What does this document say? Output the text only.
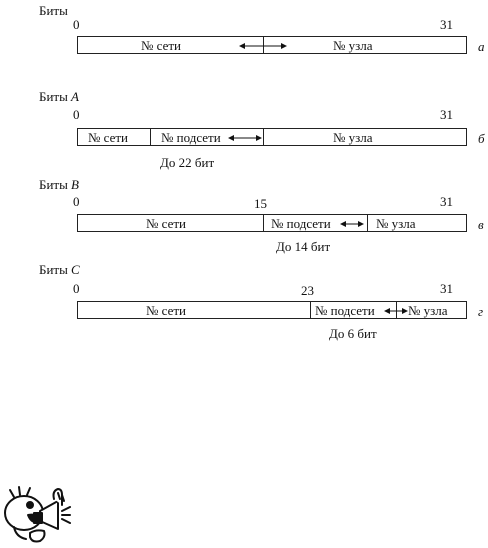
Биты
0	31
№ сети	№ узла	а
Биты A
0	31
№ сети	№ подсети	№ узла
До 22 бит
б
Биты B
0	15	31
№ сети	№ подсети	№ узла
До 14 бит
в
Биты C
0	23	31
№ сети	№ подсети	№ узла
До 6 бит
г
